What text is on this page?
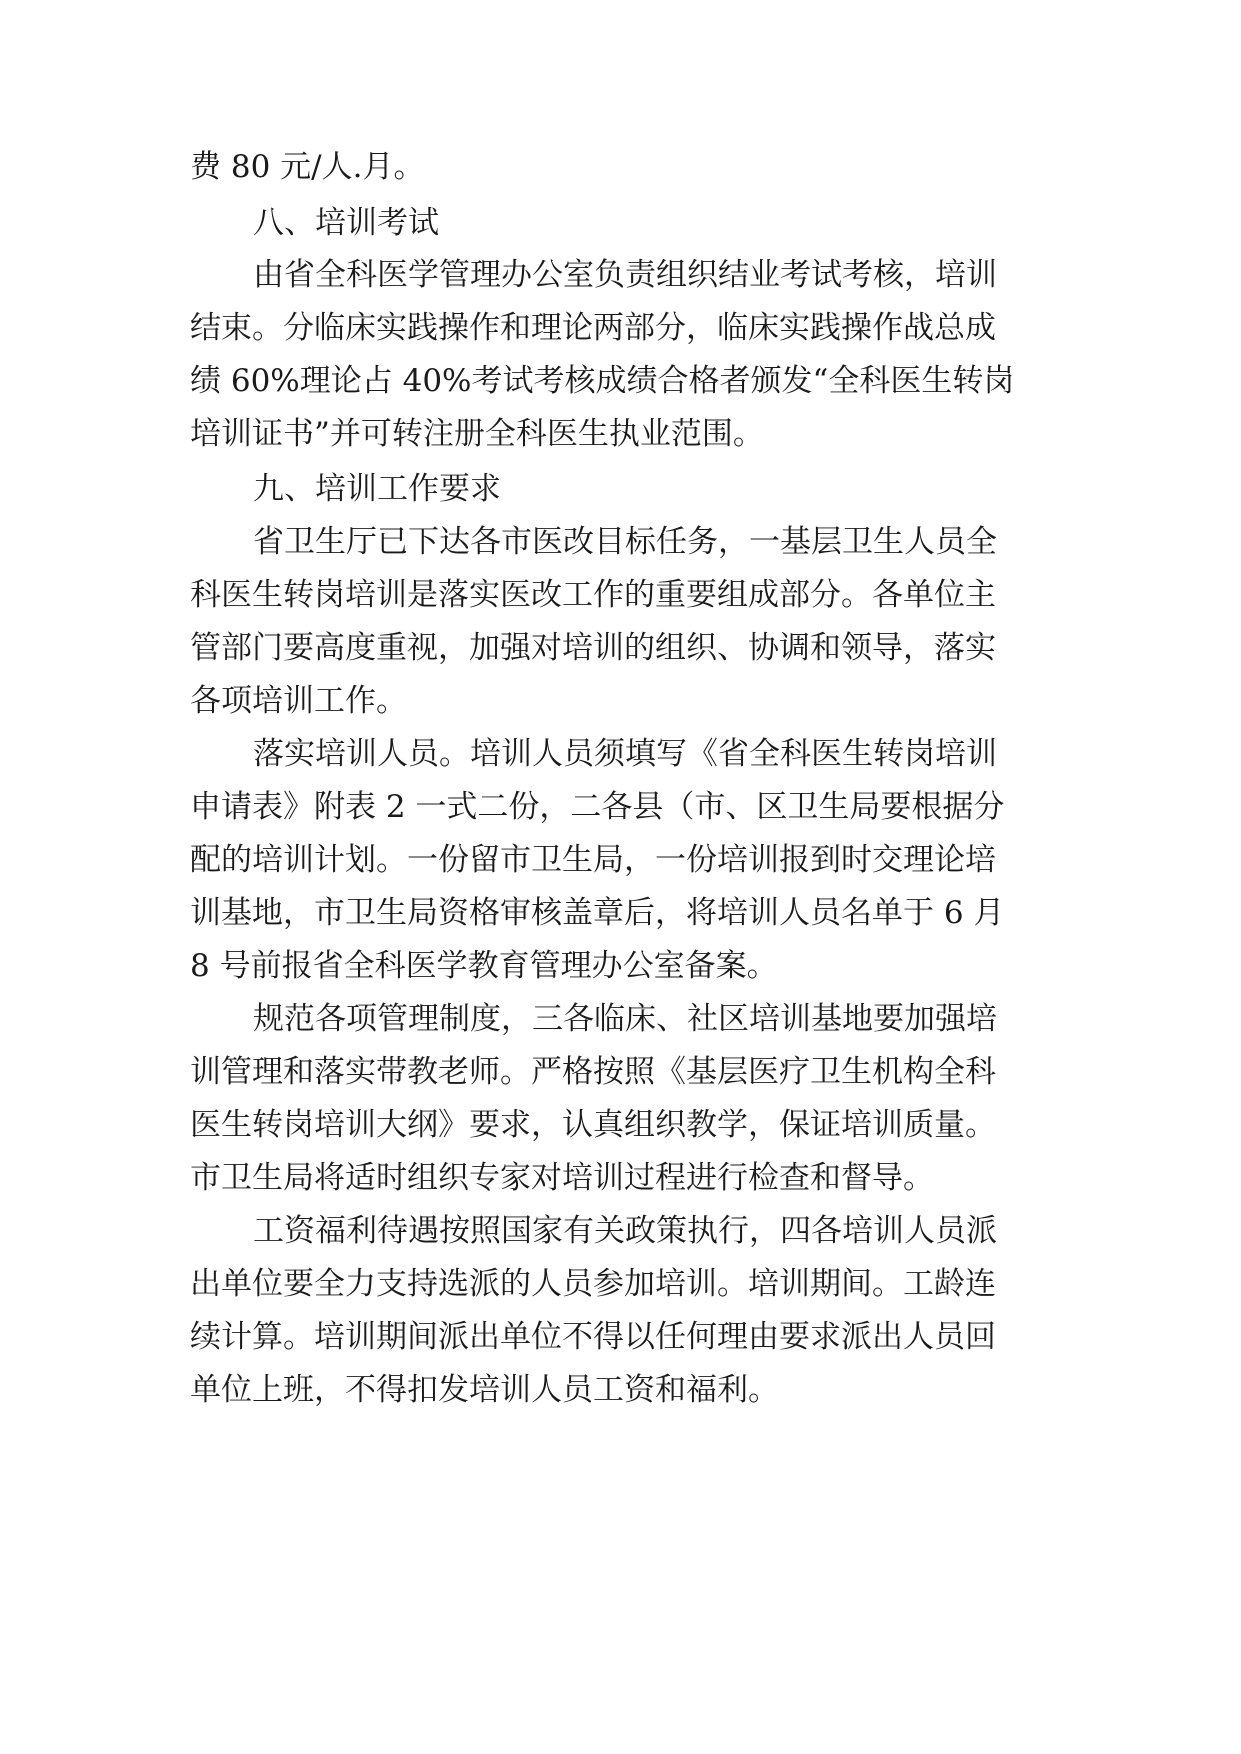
费 80 元/人.月。
八、培训考试
由省全科医学管理办公室负责组织结业考试考核，培训
结束。分临床实践操作和理论两部分，临床实践操作战总成
绩 60%理论占 40%考试考核成绩合格者颁发“全科医生转岗
培训证书”并可转注册全科医生执业范围。
九、培训工作要求
省卫生厅已下达各市医改目标任务，一基层卫生人员全
科医生转岗培训是落实医改工作的重要组成部分。各单位主
管部门要高度重视，加强对培训的组织、协调和领导，落实
各项培训工作。
落实培训人员。培训人员须填写《省全科医生转岗培训
申请表》附表 2 一式二份，二各县（市、区卫生局要根据分
配的培训计划。一份留市卫生局，一份培训报到时交理论培
训基地，市卫生局资格审核盖章后，将培训人员名单于 6 月
8 号前报省全科医学教育管理办公室备案。
规范各项管理制度，三各临床、社区培训基地要加强培
训管理和落实带教老师。严格按照《基层医疗卫生机构全科
医生转岗培训大纲》要求，认真组织教学，保证培训质量。
市卫生局将适时组织专家对培训过程进行检查和督导。
工资福利待遇按照国家有关政策执行，四各培训人员派
出单位要全力支持选派的人员参加培训。培训期间。工龄连
续计算。培训期间派出单位不得以任何理由要求派出人员回
单位上班，不得扣发培训人员工资和福利。
